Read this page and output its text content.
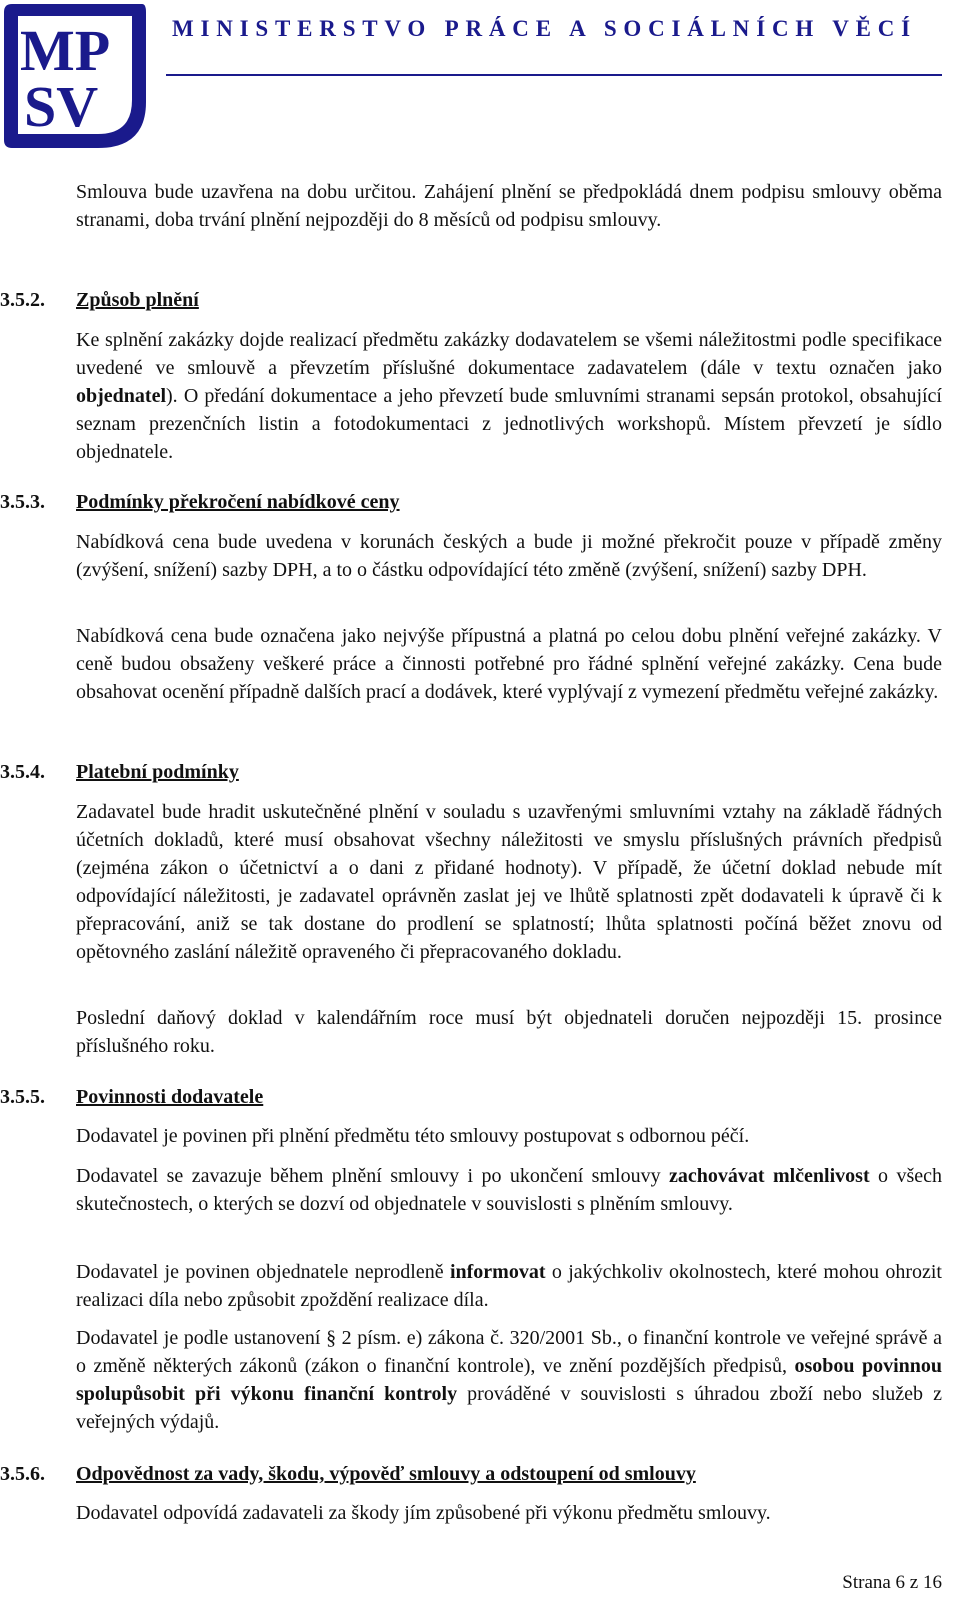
MP
SV
MINISTERSTVO PRÁCE A SOCIÁLNÍCH VĚCÍ

Smlouva bude uzavřena na dobu určitou. Zahájení plnění se předpokládá dnem podpisu smlouvy oběma stranami, doba trvání plnění nejpozději do 8 měsíců od podpisu smlouvy.

3.5.2.	Způsob plnění

Ke splnění zakázky dojde realizací předmětu zakázky dodavatelem se všemi náležitostmi podle specifikace uvedené ve smlouvě a převzetím příslušné dokumentace zadavatelem (dále v textu označen jako objednatel). O předání dokumentace a jeho převzetí bude smluvními stranami sepsán protokol, obsahující seznam prezenčních listin a fotodokumentaci z jednotlivých workshopů. Místem převzetí je sídlo objednatele.

3.5.3.	Podmínky překročení nabídkové ceny

Nabídková cena bude uvedena v korunách českých a bude ji možné překročit pouze v případě změny (zvýšení, snížení) sazby DPH, a to o částku odpovídající této změně (zvýšení, snížení) sazby DPH.

Nabídková cena bude označena jako nejvýše přípustná a platná po celou dobu plnění veřejné zakázky. V ceně budou obsaženy veškeré práce a činnosti potřebné pro řádné splnění veřejné zakázky. Cena bude obsahovat ocenění případně dalších prací a dodávek, které vyplývají z vymezení předmětu veřejné zakázky.

3.5.4.	Platební podmínky

Zadavatel bude hradit uskutečněné plnění v souladu s uzavřenými smluvními vztahy na základě řádných účetních dokladů, které musí obsahovat všechny náležitosti ve smyslu příslušných právních předpisů (zejména zákon o účetnictví a o dani z přidané hodnoty). V případě, že účetní doklad nebude mít odpovídající náležitosti, je zadavatel oprávněn zaslat jej ve lhůtě splatnosti zpět dodavateli k úpravě či k přepracování, aniž se tak dostane do prodlení se splatností; lhůta splatnosti počíná běžet znovu od opětovného zaslání náležitě opraveného či přepracovaného dokladu.

Poslední daňový doklad v kalendářním roce musí být objednateli doručen nejpozději 15. prosince příslušného roku.

3.5.5.	Povinnosti dodavatele

Dodavatel je povinen při plnění předmětu této smlouvy postupovat s odbornou péčí.

Dodavatel se zavazuje během plnění smlouvy i po ukončení smlouvy zachovávat mlčenlivost o všech skutečnostech, o kterých se dozví od objednatele v souvislosti s plněním smlouvy.

Dodavatel je povinen objednatele neprodleně informovat o jakýchkoliv okolnostech, které mohou ohrozit realizaci díla nebo způsobit zpoždění realizace díla.

Dodavatel je podle ustanovení § 2 písm. e) zákona č. 320/2001 Sb., o finanční kontrole ve veřejné správě a o změně některých zákonů (zákon o finanční kontrole), ve znění pozdějších předpisů, osobou povinnou spolupůsobit při výkonu finanční kontroly prováděné v souvislosti s úhradou zboží nebo služeb z veřejných výdajů.

3.5.6.	Odpovědnost za vady, škodu, výpověď smlouvy a odstoupení od smlouvy

Dodavatel odpovídá zadavateli za škody jím způsobené při výkonu předmětu smlouvy.

Strana 6 z 16
